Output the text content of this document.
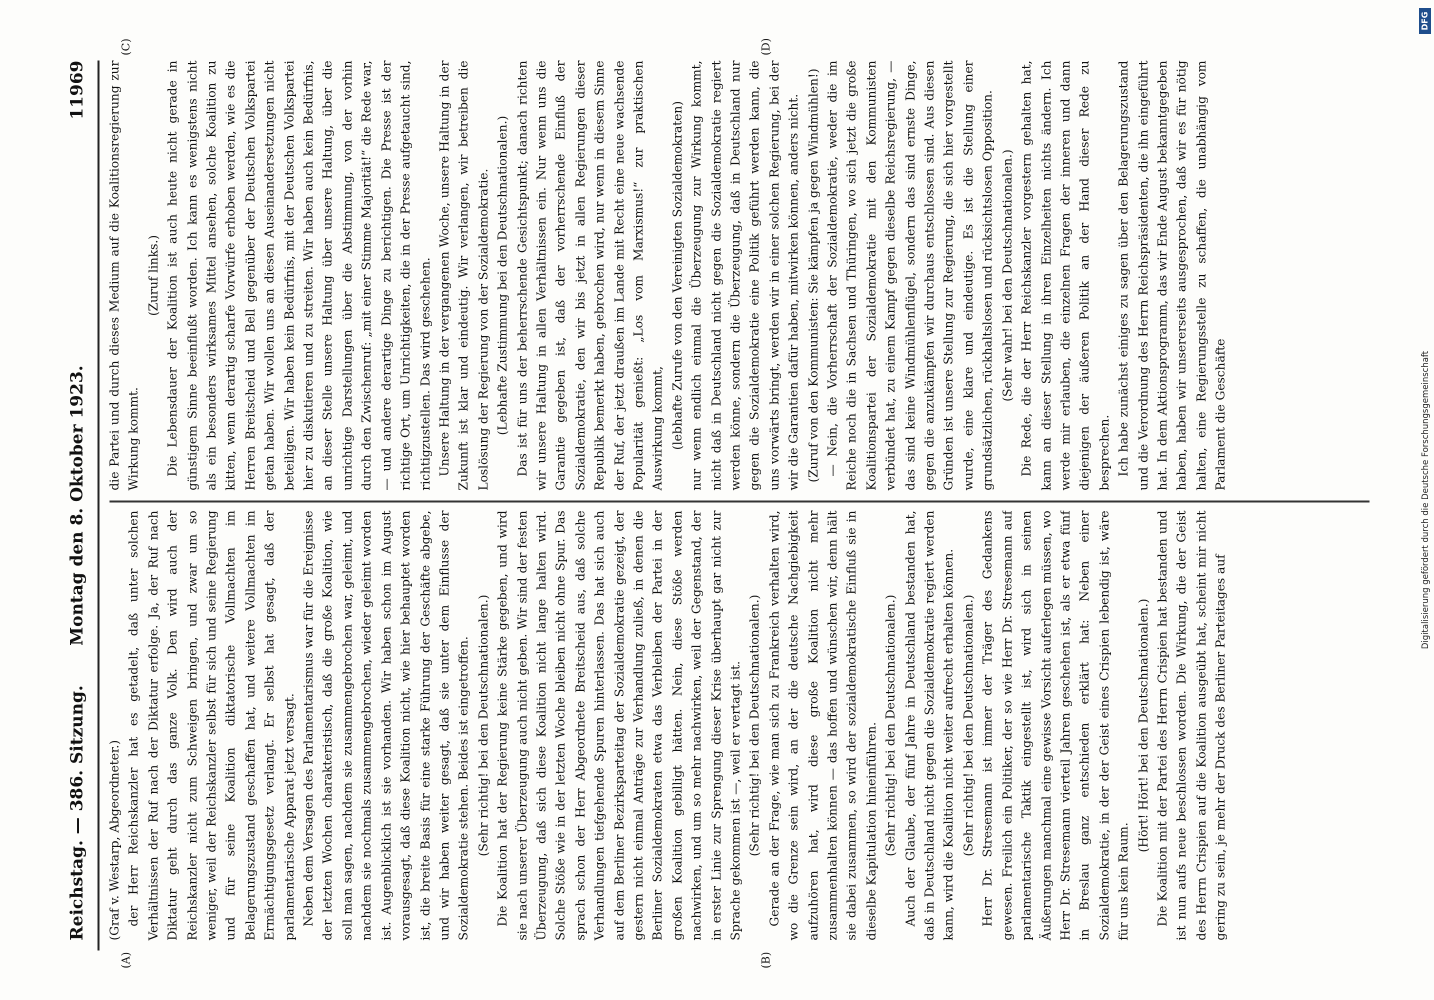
Reichstag. — 386. Sitzung.
Montag den 8. Oktober 1923.
11969
(A)	(B)
(C)	(D)

(Graf v. Westarp, Abgeordneter.) der Herr Reichskanzler hat es getadelt, daß unter solchen Verhältnissen der Ruf nach der Diktatur erfolge. Ja, der Ruf nach Diktatur geht durch das ganze Volk. Den wird auch der Reichskanzler nicht zum Schweigen bringen, und zwar um so weniger, weil der Reichskanzler selbst für sich und seine Regierung und für seine Koalition diktatorische Vollmachten im Belagerungszustand geschaffen hat, und weitere Vollmachten im Ermächtigungsgesetz verlangt. Er selbst hat gesagt, daß der parlamentarische Apparat jetzt versagt. Neben dem Versagen des Parlamentarismus war für die Ereignisse der letzten Wochen charakteristisch, daß die große Koalition, wie soll man sagen, nachdem sie zusammengebrochen war, geleimt, und nachdem sie nochmals zusammengebrochen, wieder geleimt worden ist. Augenblicklich ist sie vorhanden. Wir haben schon im August vorausgesagt, daß diese Koalition nicht, wie hier behauptet worden ist, die breite Basis für eine starke Führung der Geschäfte abgebe, und wir haben weiter gesagt, daß sie unter dem Einflusse der Sozialdemokratie stehen. Beides ist eingetroffen. (Sehr richtig! bei den Deutschnationalen.) Die Koalition hat der Regierung keine Stärke gegeben, und wird sie nach unserer Überzeugung auch nicht geben. Wir sind der festen Überzeugung, daß sich diese Koalition nicht lange halten wird. Solche Stöße wie in der letzten Woche bleiben nicht ohne Spur. Das sprach schon der Herr Abgeordnete Breitscheid aus, daß solche Verhandlungen tiefgehende Spuren hinterlassen. Das hat sich auch auf dem Berliner Bezirksparteitag der Sozialdemokratie gezeigt, der gestern nicht einmal Anträge zur Verhandlung zuließ, in denen die Berliner Sozialdemokraten etwa das Verbleiben der Partei in der großen Koalition gebilligt hätten. Nein, diese Stöße werden nachwirken, und um so mehr nachwirken, weil der Gegenstand, der in erster Linie zur Sprengung dieser Krise überhaupt gar nicht zur Sprache gekommen ist —, weil er vertagt ist. (Sehr richtig! bei den Deutschnationalen.) Gerade an der Frage, wie man sich zu Frankreich verhalten wird, wo die Grenze sein wird, an der die deutsche Nachgiebigkeit aufzuhören hat, wird diese große Koalition nicht mehr zusammenhalten können — das hoffen und wünschen wir, denn hält sie dabei zusammen, so wird der sozialdemokratische Einfluß sie in dieselbe Kapitulation hineinführen. (Sehr richtig! bei den Deutschnationalen.) Auch der Glaube, der fünf Jahre in Deutschland bestanden hat, daß in Deutschland nicht gegen die Sozialdemokratie regiert werden kann, wird die Koalition nicht weiter aufrecht erhalten können. (Sehr richtig! bei den Deutschnationalen.) Herr Dr. Stresemann ist immer der Träger des Gedankens gewesen. Freilich ein Politiker, der so wie Herr Dr. Stresemann auf parlamentarische Taktik eingestellt ist, wird sich in seinen Äußerungen manchmal eine gewisse Vorsicht auferlegen müssen, wo Herr Dr. Stresemann vierteil Jahren geschehen ist, als er etwa fünf in Breslau ganz entschieden erklärt hat: Neben einer Sozialdemokratie, in der der Geist eines Crispien lebendig ist, wäre für uns kein Raum.

(Hört! Hört! bei den Deutschnationalen.) Die Koalition mit der Partei des Herrn Crispien hat bestanden und ist nun aufs neue beschlossen worden. Die Wirkung, die der Geist des Herrn Crispien auf die Koalition ausgeübt hat, scheint mir nicht gering zu sein, je mehr der Druck des Berliner Parteitages auf

die Partei und durch dieses Medium auf die Koalitionsregierung zur Wirkung kommt.

(Zuruf links.) Die Lebensdauer der Koalition ist auch heute nicht gerade in günstigem Sinne beeinflußt worden. Ich kann es wenigstens nicht als ein besonders wirksames Mittel ansehen, solche Koalition zu kitten, wenn derartig scharfe Vorwürfe erhoben werden, wie es die Herren Breitscheid und Bell gegenüber der Deutschen Volkspartei getan haben. Wir wollen uns an diesen Auseinandersetzungen nicht beteiligen. Wir haben kein Bedürfnis, mit der Deutschen Volkspartei hier zu diskutieren und zu streiten. Wir haben auch kein Bedürfnis, an dieser Stelle unsere Haltung über unsere Haltung, über die unrichtige Darstellungen über die Abstimmung, von der vorhin durch den Zwischenruf: „mit einer Stimme Majorität!“ die Rede war, — und andere derartige Dinge zu berichtigen. Die Presse ist der richtige Ort, um Unrichtigkeiten, die in der Presse aufgetaucht sind, richtigzustellen. Das wird geschehen. Unsere Haltung in der vergangenen Woche, unsere Haltung in der Zukunft ist klar und eindeutig. Wir verlangen, wir betreiben die Loslösung der Regierung von der Sozialdemokratie. (Lebhafte Zustimmung bei den Deutschnationalen.) Das ist für uns der beherrschende Gesichtspunkt; danach richten wir unsere Haltung in allen Verhältnissen ein. Nur wenn uns die Garantie gegeben ist, daß der vorherrschende Einfluß der Sozialdemokratie, den wir bis jetzt in allen Regierungen dieser Republik bemerkt haben, gebrochen wird, nur wenn in diesem Sinne der Ruf, der jetzt draußen im Lande mit Recht eine neue wachsende Popularität genießt: „Los vom Marxismus!“ zur praktischen Auswirkung kommt, (lebhafte Zurufe von den Vereinigten Sozialdemokraten) nur wenn endlich einmal die Überzeugung zur Wirkung kommt, nicht daß in Deutschland nicht gegen die Sozialdemokratie regiert werden könne, sondern die Überzeugung, daß in Deutschland nur gegen die Sozialdemokratie eine Politik geführt werden kann, die uns vorwärts bringt, werden wir in einer solchen Regierung, bei der wir die Garantien dafür haben, mitwirken können, anders nicht. (Zuruf von den Kommunisten: Sie kämpfen ja gegen Windmühlen!) — Nein, die Vorherrschaft der Sozialdemokratie, weder die im Reiche noch die in Sachsen und Thüringen, wo sich jetzt die große Koalitionspartei der Sozialdemokratie mit den Kommunisten verbündet hat, zu einem Kampf gegen dieselbe Reichsregierung, — das sind keine Windmühlenflügel, sondern das sind ernste Dinge, gegen die anzukämpfen wir durchaus entschlossen sind. Aus diesen Gründen ist unsere Stellung zur Regierung, die sich hier vorgestellt wurde, eine klare und eindeutige. Es ist die Stellung einer grundsätzlichen, rückhaltslosen und rücksichtslosen Opposition. (Sehr wahr! bei den Deutschnationalen.) Die Rede, die der Herr Reichskanzler vorgestern gehalten hat, kann an dieser Stellung in ihren Einzelheiten nichts ändern. Ich werde mir erlauben, die einzelnen Fragen der inneren und dann diejenigen der äußeren Politik an der Hand dieser Rede zu besprechen. Ich habe zunächst einiges zu sagen über den Belagerungszustand und die Verordnung des Herrn Reichspräsidenten, die ihn eingeführt hat. In dem Aktionsprogramm, das wir Ende August bekanntgegeben haben, haben wir unsererseits ausgesprochen, daß wir es für nötig halten, eine Regierungsstelle zu schaffen, die unabhängig vom Parlament die Geschäfte

DFG
Digitalisierung gefördert durch die Deutsche Forschungsgemeinschaft
